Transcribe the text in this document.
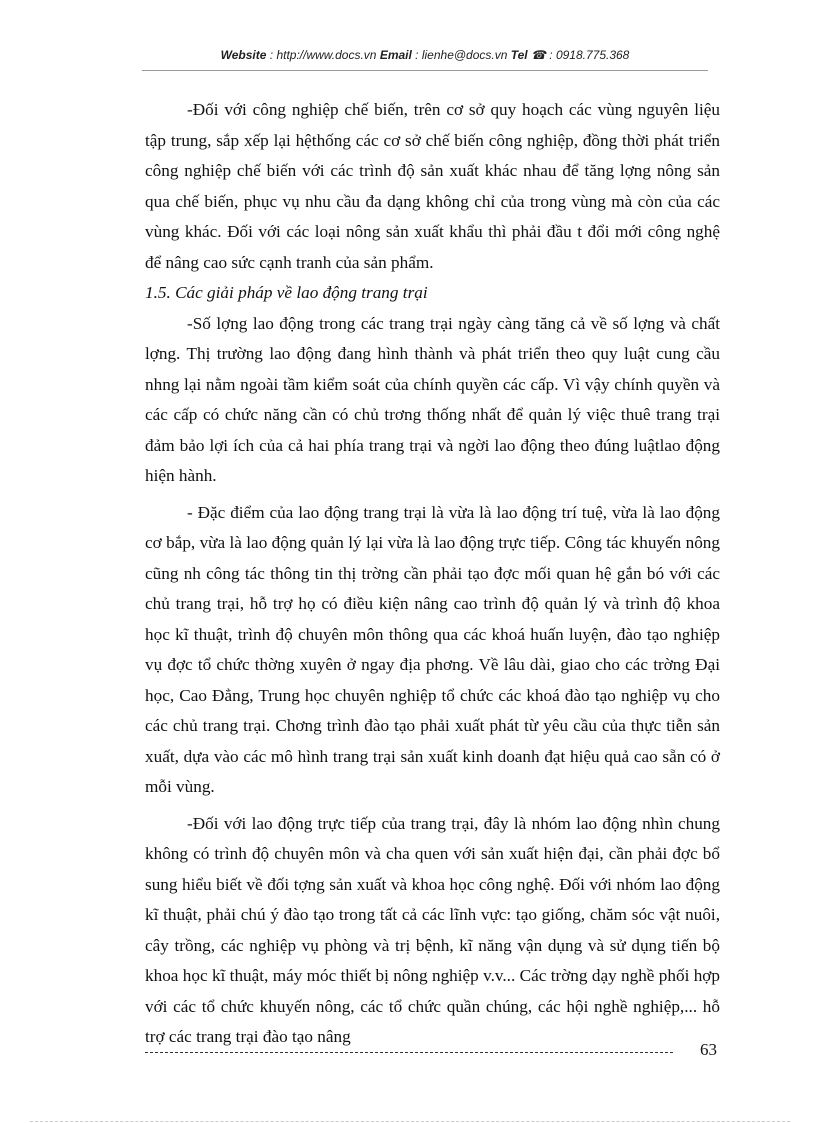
Website : http://www.docs.vn Email : lienhe@docs.vn Tel ☎ : 0918.775.368

-Đối với công nghiệp chế biến, trên cơ sở quy hoạch các vùng nguyên liệu tập trung, sắp xếp lại hệthống các cơ sở chế biến công nghiệp, đồng thời phát triển công nghiệp chế biến với các trình độ sản xuất khác nhau để tăng lợng nông sản qua chế biến, phục vụ nhu cầu đa dạng không chỉ của trong vùng mà còn của các vùng khác. Đối với các loại nông sản xuất khẩu thì phải đầu t đổi mới công nghệ để nâng cao sức cạnh tranh của sản phẩm.

1.5. Các giải pháp về lao động trang trại

-Số lợng lao động trong các trang trại ngày càng tăng cả về số lợng và chất lợng. Thị trường lao động đang hình thành và phát triển theo quy luật cung cầu nhng lại nằm ngoài tầm kiểm soát của chính quyền các cấp. Vì vậy chính quyền và các cấp có chức năng cần có chủ trơng thống nhất để quản lý việc thuê trang trại đảm bảo lợi ích của cả hai phía trang trại và ngời lao động theo đúng luậtlao động hiện hành.

- Đặc điểm của lao động trang trại là vừa là lao động trí tuệ, vừa là lao động cơ bắp, vừa là lao động quản lý lại vừa là lao động trực tiếp. Công tác khuyến nông cũng nh công tác thông tin thị trờng cần phải tạo đợc mối quan hệ gắn bó với các chủ trang trại, hỗ trợ họ có điều kiện nâng cao trình độ quản lý và trình độ khoa học kĩ thuật, trình độ chuyên môn thông qua các khoá huấn luyện, đào tạo nghiệp vụ đợc tổ chức thờng xuyên ở ngay địa phơng. Về lâu dài, giao cho các trờng Đại học, Cao Đẳng, Trung học chuyên nghiệp tổ chức các khoá đào tạo nghiệp vụ cho các chủ trang trại. Chơng trình đào tạo phải xuất phát từ yêu cầu của thực tiễn sản xuất, dựa vào các mô hình trang trại sản xuất kinh doanh đạt hiệu quả cao sẵn có ở mỗi vùng.

-Đối với lao động trực tiếp của trang trại, đây là nhóm lao động nhìn chung không có trình độ chuyên môn và cha quen với sản xuất hiện đại, cần phải đợc bổ sung hiểu biết về đối tợng sản xuất và khoa học công nghệ. Đối với nhóm lao động kĩ thuật, phải chú ý đào tạo trong tất cả các lĩnh vực: tạo giống, chăm sóc vật nuôi, cây trồng, các nghiệp vụ phòng và trị bệnh, kĩ năng vận dụng và sử dụng tiến bộ khoa học kĩ thuật, máy móc thiết bị nông nghiệp v.v... Các trờng dạy nghề phối hợp với các tổ chức khuyến nông, các tổ chức quần chúng, các hội nghề nghiệp,... hỗ trợ các trang trại đào tạo nâng

63
